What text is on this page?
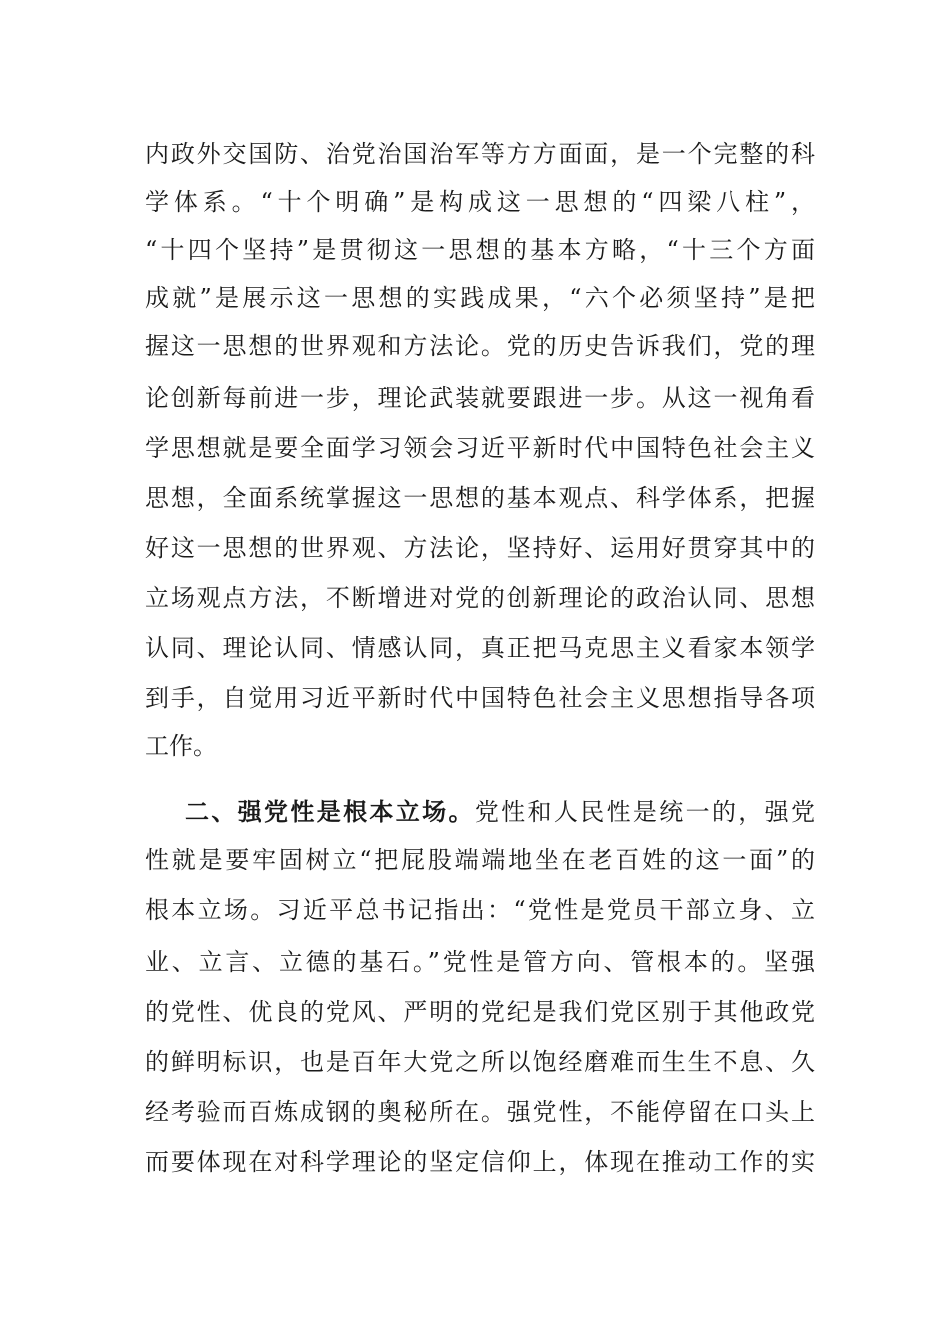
内政外交国防、治党治国治军等方方面面，是一个完整的科
学体系。“十个明确”是构成这一思想的“四梁八柱”，
“十四个坚持”是贯彻这一思想的基本方略，“十三个方面
成就”是展示这一思想的实践成果，“六个必须坚持”是把
握这一思想的世界观和方法论。党的历史告诉我们，党的理
论创新每前进一步，理论武装就要跟进一步。从这一视角看
学思想就是要全面学习领会习近平新时代中国特色社会主义
思想，全面系统掌握这一思想的基本观点、科学体系，把握
好这一思想的世界观、方法论，坚持好、运用好贯穿其中的
立场观点方法，不断增进对党的创新理论的政治认同、思想
认同、理论认同、情感认同，真正把马克思主义看家本领学
到手，自觉用习近平新时代中国特色社会主义思想指导各项
工作。
二、强党性是根本立场。党性和人民性是统一的，强党
性就是要牢固树立“把屁股端端地坐在老百姓的这一面”的
根本立场。习近平总书记指出：“党性是党员干部立身、立
业、立言、立德的基石。”党性是管方向、管根本的。坚强
的党性、优良的党风、严明的党纪是我们党区别于其他政党
的鲜明标识，也是百年大党之所以饱经磨难而生生不息、久
经考验而百炼成钢的奥秘所在。强党性，不能停留在口头上
而要体现在对科学理论的坚定信仰上，体现在推动工作的实
